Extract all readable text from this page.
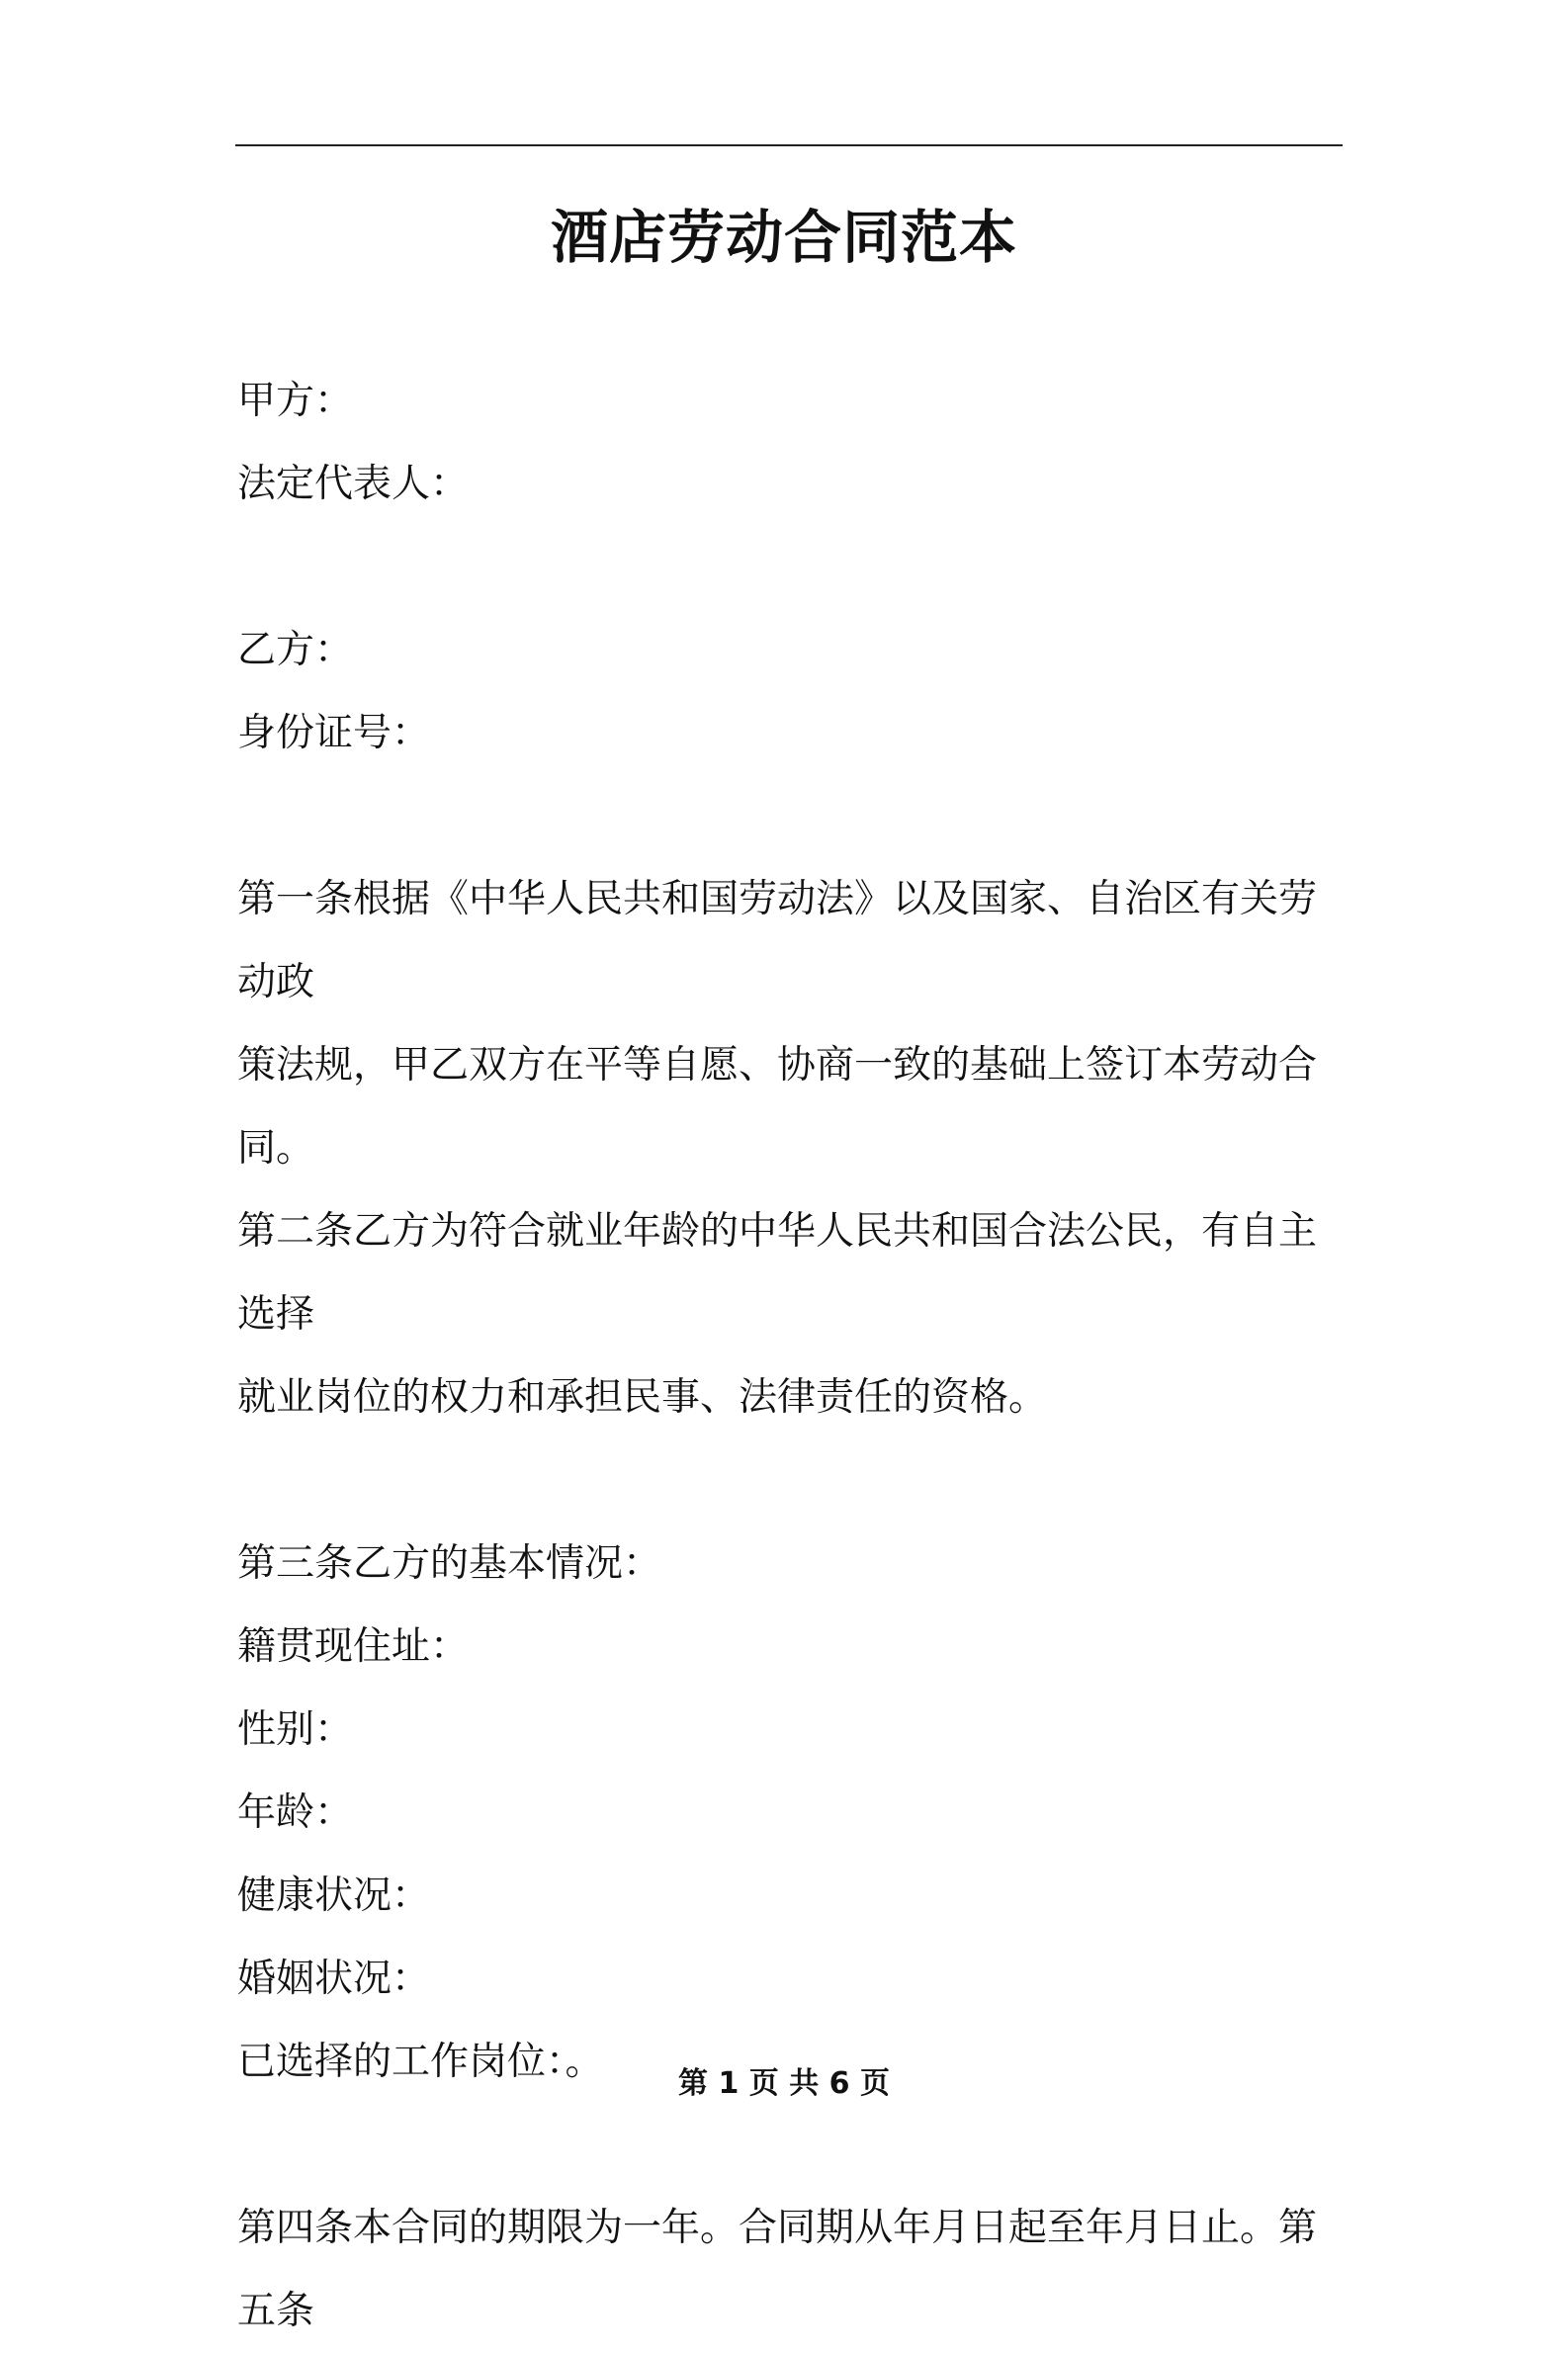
酒店劳动合同范本

甲方：

法定代表人：

乙方：

身份证号：

第一条根据《中华人民共和国劳动法》以及国家、自治区有关劳动政

策法规，甲乙双方在平等自愿、协商一致的基础上签订本劳动合同。

第二条乙方为符合就业年龄的中华人民共和国合法公民，有自主选择

就业岗位的权力和承担民事、法律责任的资格。

第三条乙方的基本情况：

籍贯现住址：

性别：

年龄：

健康状况：

婚姻状况：

已选择的工作岗位：。

第四条本合同的期限为一年。合同期从年月日起至年月日止。第五条

第 1 页 共 6 页
